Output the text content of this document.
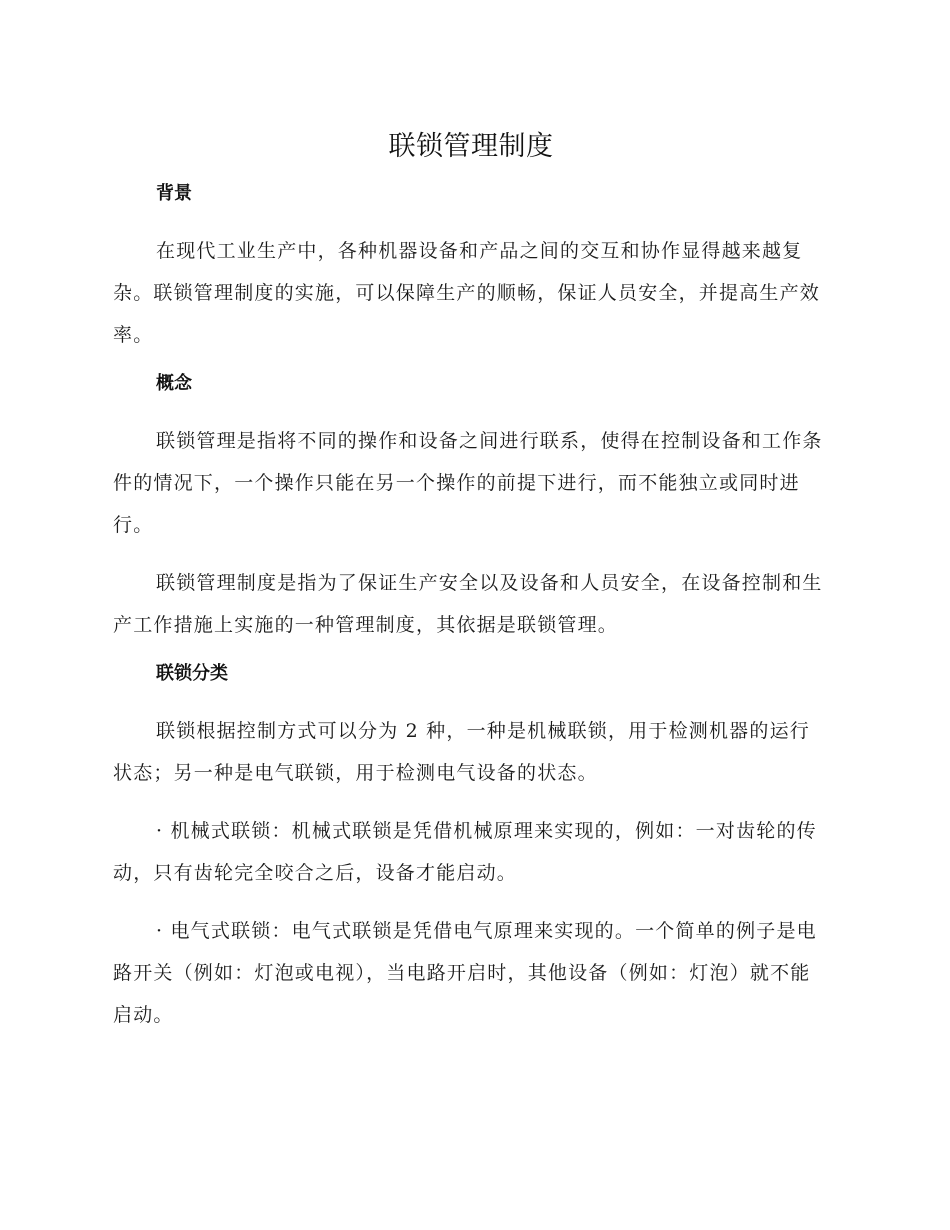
联锁管理制度
背景

在现代工业生产中，各种机器设备和产品之间的交互和协作显得越来越复杂。联锁管理制度的实施，可以保障生产的顺畅，保证人员安全，并提高生产效率。

概念

联锁管理是指将不同的操作和设备之间进行联系，使得在控制设备和工作条件的情况下，一个操作只能在另一个操作的前提下进行，而不能独立或同时进行。

联锁管理制度是指为了保证生产安全以及设备和人员安全，在设备控制和生产工作措施上实施的一种管理制度，其依据是联锁管理。

联锁分类

联锁根据控制方式可以分为 2 种，一种是机械联锁，用于检测机器的运行状态；另一种是电气联锁，用于检测电气设备的状态。

· 机械式联锁：机械式联锁是凭借机械原理来实现的，例如：一对齿轮的传动，只有齿轮完全咬合之后，设备才能启动。

· 电气式联锁：电气式联锁是凭借电气原理来实现的。一个简单的例子是电路开关（例如：灯泡或电视），当电路开启时，其他设备（例如：灯泡）就不能启动。
